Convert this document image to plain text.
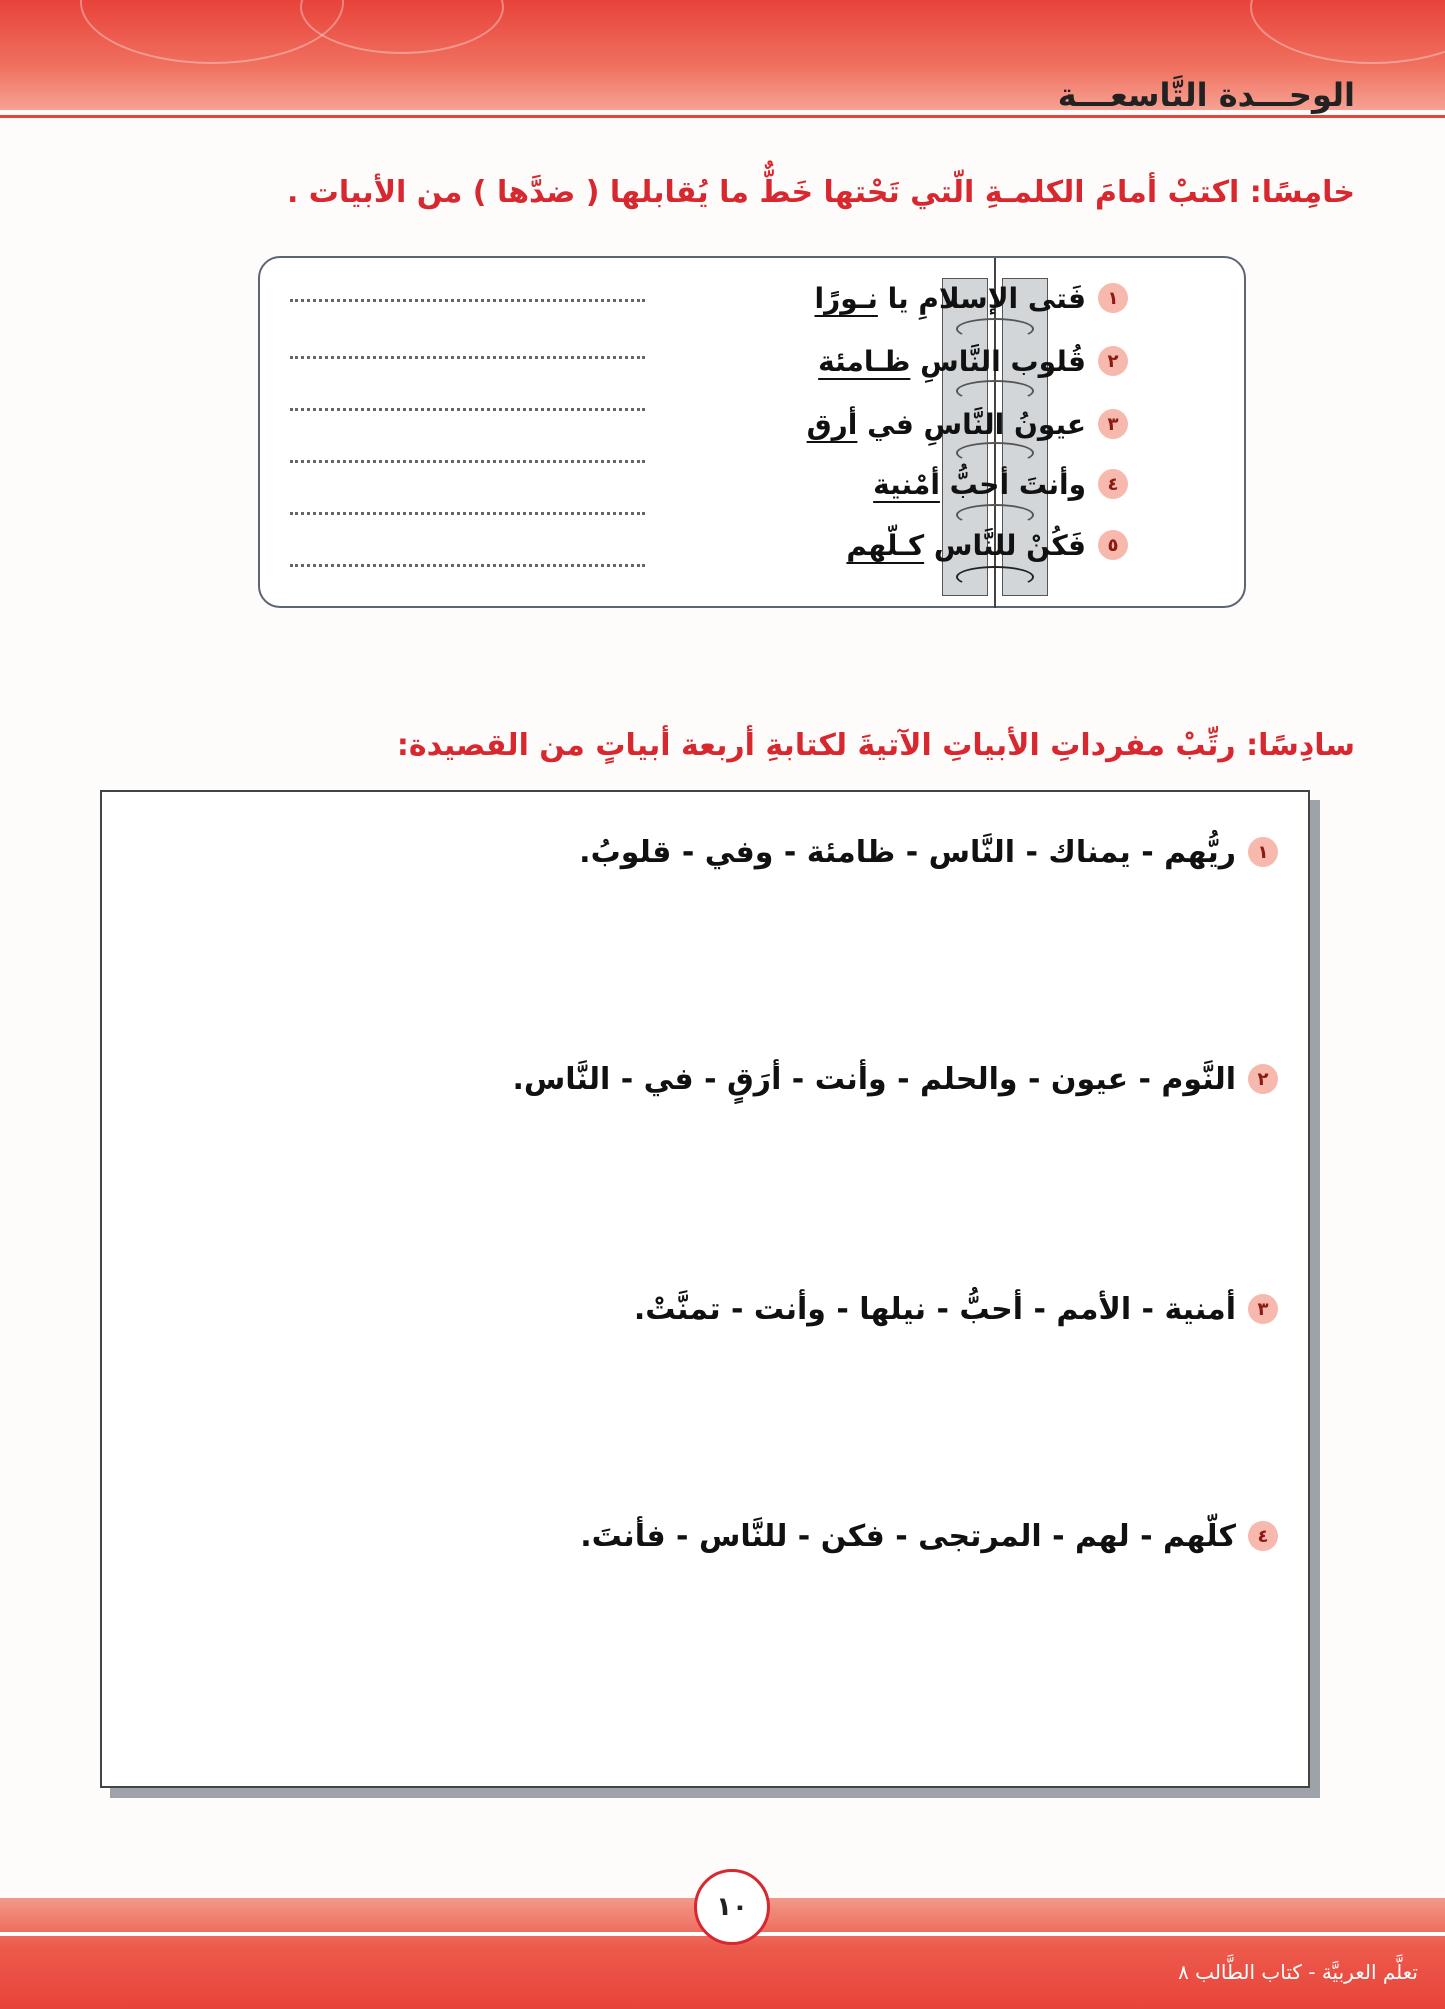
الوحـــدة التَّاسعـــة
خامِسًا: اكتبْ أمامَ الكلمـةِ الّتي تَحْتها خَطٌّ ما يُقابلها ( ضدَّها ) من الأبيات .
١
فَتى الإسلامِ يا نـورًا
٢
قُلوب النَّاسِ ظـامئة
٣
عيونُ النَّاسِ في أرق
٤
وأنتَ أحبُّ أمْنية
٥
فَكُنْ للنَّاس كـلّهم
سادِسًا: رتِّبْ مفرداتِ الأبياتِ الآتيةَ لكتابةِ أربعة أبياتٍ من القصيدة:
١
ريُّهم - يمناك - النَّاس - ظامئة - وفي - قلوبُ.
٢
النَّوم - عيون - والحلم - وأنت - أرَقٍ - في - النَّاس.
٣
أمنية - الأمم - أحبُّ - نيلها - وأنت - تمنَّتْ.
٤
كلّهم - لهم - المرتجى - فكن - للنَّاس - فأنتَ.
١٠
تعلَّم العربيَّة - كتاب الطَّالب ٨
